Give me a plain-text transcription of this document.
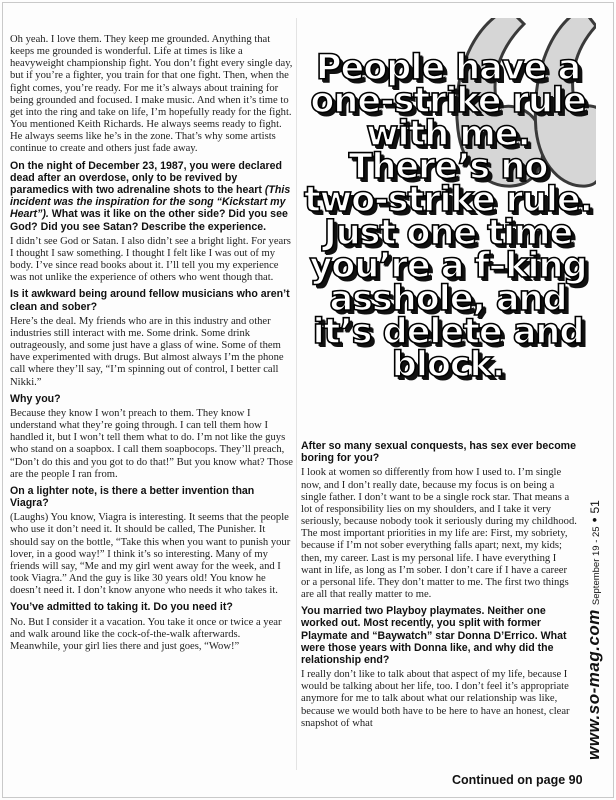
Oh yeah. I love them. They keep me grounded. Anything that keeps me grounded is wonderful. Life at times is like a heavyweight championship fight. You don’t fight every single day, but if you’re a fighter, you train for that one fight. Then, when the fight comes, you’re ready. For me it’s always about training for being grounded and focused. I make music. And when it’s time to get into the ring and take on life, I’m hopefully ready for the fight. You mentioned Keith Richards. He always seems ready to fight. He always seems like he’s in the zone. That’s why some artists continue to create and others just fade away.

On the night of December 23, 1987, you were declared dead after an overdose, only to be revived by paramedics with two adrenaline shots to the heart (This incident was the inspiration for the song “Kickstart my Heart”). What was it like on the other side? Did you see God? Did you see Satan? Describe the experience.

I didn’t see God or Satan. I also didn’t see a bright light. For years I thought I saw something. I thought I felt like I was out of my body. I’ve since read books about it. I’ll tell you my experience was not unlike the experience of others who went though that.

Is it awkward being around fellow musicians who aren’t clean and sober?

Here’s the deal. My friends who are in this industry and other industries still interact with me. Some drink. Some drink outrageously, and some just have a glass of wine. Some of them have experimented with drugs. But almost always I’m the phone call where they’ll say, “I’m spinning out of control, I better call Nikki.”

Why you?

Because they know I won’t preach to them. They know I understand what they’re going through. I can tell them how I handled it, but I won’t tell them what to do. I’m not like the guys who stand on a soapbox. I call them soapbocops. They’ll preach, “Don’t do this and you got to do that!” But you know what? Those are the people I ran from.

On a lighter note, is there a better invention than Viagra?

(Laughs) You know, Viagra is interesting. It seems that the people who use it don’t need it. It should be called, The Punisher. It should say on the bottle, “Take this when you want to punish your lover, in a good way!” I think it’s so interesting. Many of my friends will say, “Me and my girl went away for the week, and I took Viagra.” And the guy is like 30 years old! You know he doesn’t need it. I don’t know anyone who needs it who takes it.

You’ve admitted to taking it. Do you need it?

No. But I consider it a vacation. You take it once or twice a year and walk around like the cock-of-the-walk afterwards. Meanwhile, your girl lies there and just goes, “Wow!”

People have a one-strike rule with me. There’s no two-strike rule. Just one time you’re a f–king asshole, and it’s delete and block.

After so many sexual conquests, has sex ever become boring for you?

I look at women so differently from how I used to. I’m single now, and I don’t really date, because my focus is on being a single father. I don’t want to be a single rock star. That means a lot of responsibility lies on my shoulders, and I take it very seriously, because nobody took it seriously during my childhood. The most important priorities in my life are: First, my sobriety, because if I’m not sober everything falls apart; next, my kids; then, my career. Last is my personal life. I have everything I want in life, as long as I’m sober. I don’t care if I have a career or a personal life. They don’t matter to me. The first two things are all that really matter to me.

You married two Playboy playmates. Neither one worked out. Most recently, you split with former Playmate and “Baywatch” star Donna D’Errico. What were those years with Donna like, and why did the relationship end?

I really don’t like to talk about that aspect of my life, because I would be talking about her life, too. I don’t feel it’s appropriate anymore for me to talk about what our relationship was like, because we would both have to be here to have an honest, clear snapshot of what

Continued on page 90
www.so-mag.com
September 19 - 25
•
51
